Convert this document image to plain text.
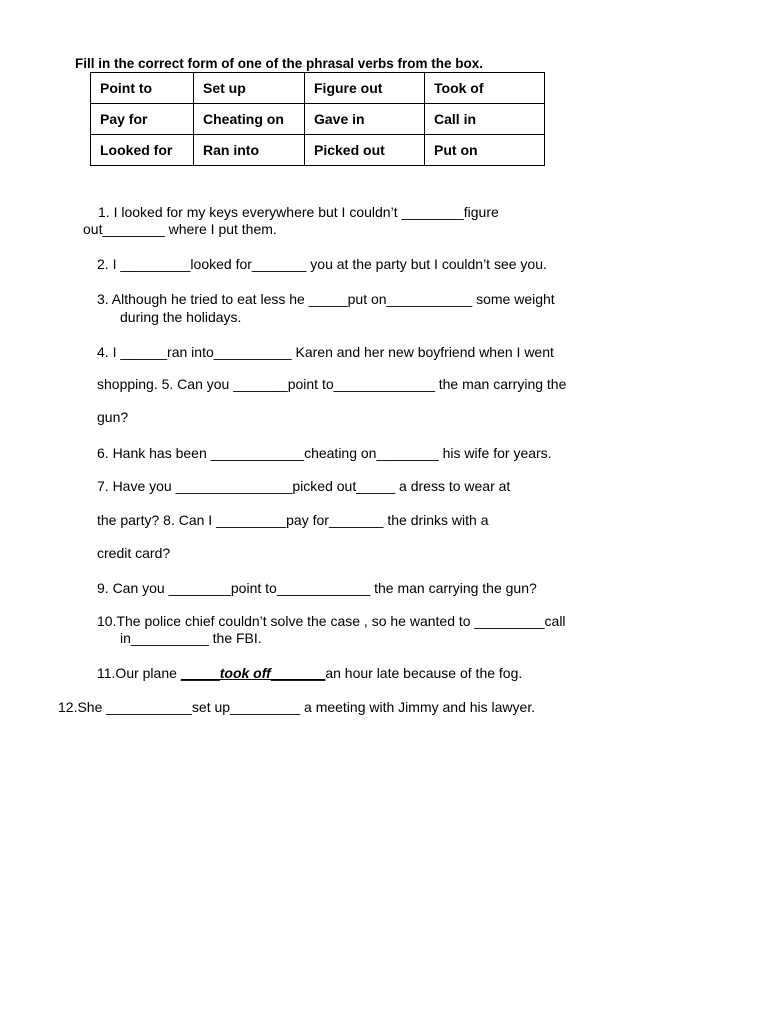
Fill in the correct form of one of the phrasal verbs from the box.
Point to	Set up	Figure out	Took of
Pay for	Cheating on	Gave in	Call in
Looked for	Ran into	Picked out	Put on
1. I looked for my keys everywhere but I couldn’t ________figure
out________ where I put them.
2. I _________looked for_______ you at the party but I couldn’t see you.
3. Although he tried to eat less he _____put on___________ some weight
during the holidays.
4. I ______ran into__________ Karen and her new boyfriend when I went
shopping. 5. Can you _______point to_____________ the man carrying the
gun?
6. Hank has been ____________cheating on________ his wife for years.
7. Have you _______________picked out_____ a dress to wear at
the party? 8. Can I _________pay for_______ the drinks with a
credit card?
9. Can you ________point to____________ the man carrying the gun?
10.The police chief couldn’t solve the case , so he wanted to _________call
in__________ the FBI.
11.Our plane _____took off_______an hour late because of the fog.
12.She ___________set up_________ a meeting with Jimmy and his lawyer.
